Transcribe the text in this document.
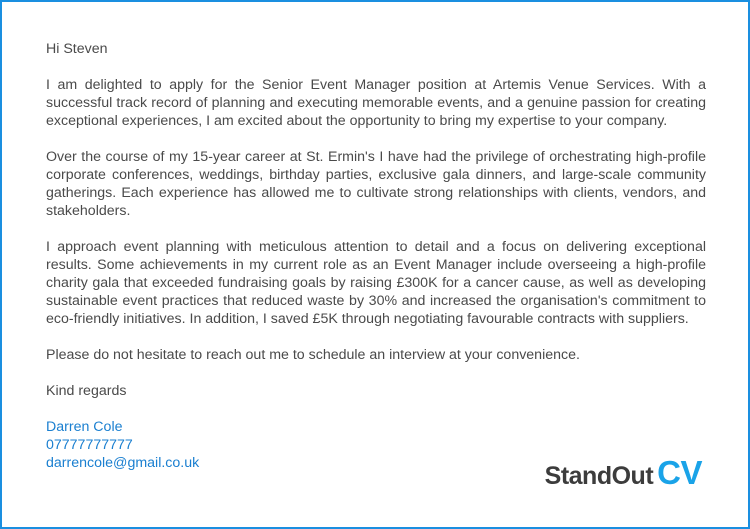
Hi Steven

I am delighted to apply for the Senior Event Manager position at Artemis Venue Services. With a successful track record of planning and executing memorable events, and a genuine passion for creating exceptional experiences, I am excited about the opportunity to bring my expertise to your company.

Over the course of my 15-year career at St. Ermin's I have had the privilege of orchestrating high-profile corporate conferences, weddings, birthday parties, exclusive gala dinners, and large-scale community gatherings. Each experience has allowed me to cultivate strong relationships with clients, vendors, and stakeholders.

I approach event planning with meticulous attention to detail and a focus on delivering exceptional results. Some achievements in my current role as an Event Manager include overseeing a high-profile charity gala that exceeded fundraising goals by raising £300K for a cancer cause, as well as developing sustainable event practices that reduced waste by 30% and increased the organisation's commitment to eco-friendly initiatives. In addition, I saved £5K through negotiating favourable contracts with suppliers.

Please do not hesitate to reach out me to schedule an interview at your convenience.

Kind regards

Darren Cole
07777777777
darrencole@gmail.co.uk	StandOut CV
